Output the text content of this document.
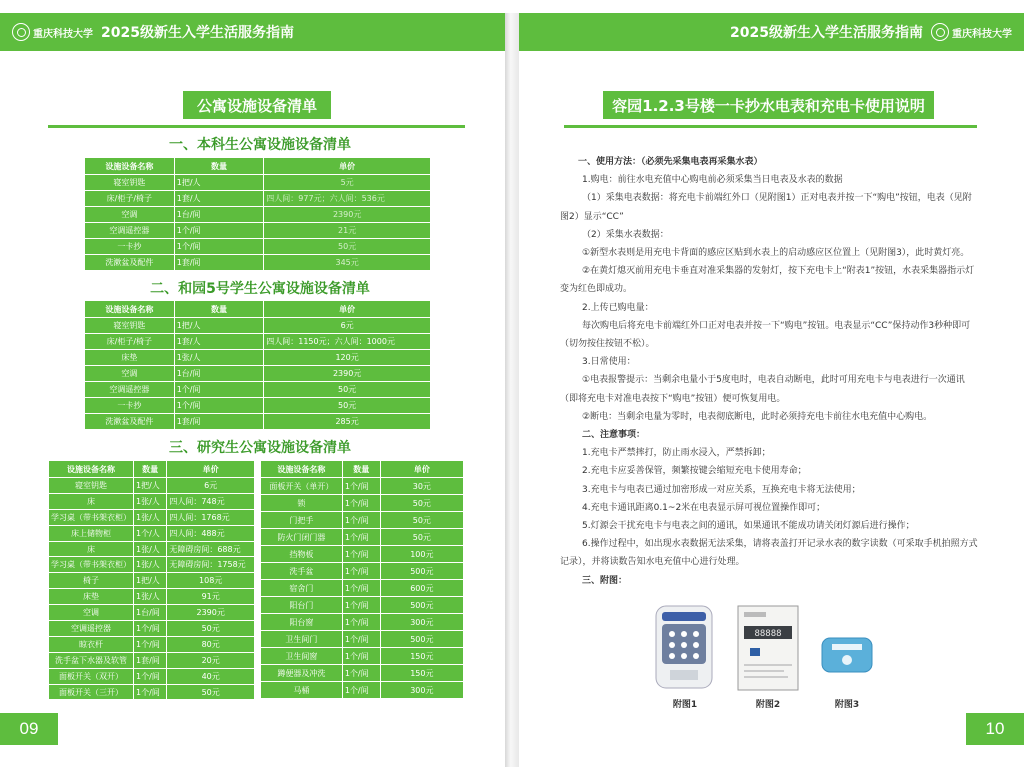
重庆科技大学 2025级新生入学生活服务指南	2025级新生入学生活服务指南	重庆科技大学
公寓设施设备清单
一、本科生公寓设施设备清单
设施设备名称	数量	单价
寝室钥匙	1把/人	5元
床/柜子/椅子	1套/人	四人间：977元；六人间：536元
空调	1台/间	2390元
空调遥控器	1个/间	21元
一卡抄	1个/间	50元
洗漱盆及配件	1套/间	345元
二、和园5号学生公寓设施设备清单
设施设备名称	数量	单价
寝室钥匙	1把/人	6元
床/柜子/椅子	1套/人	四人间：1150元；六人间：1000元
床垫	1张/人	120元
空调	1台/间	2390元
空调遥控器	1个/间	50元
一卡抄	1个/间	50元
洗漱盆及配件	1套/间	285元
三、研究生公寓设施设备清单
设施设备名称	数量	单价
寝室钥匙	1把/人	6元
床	1张/人	四人间：748元
学习桌（带书架衣柜）	1张/人	四人间：1768元
床上储物柜	1个/人	四人间：488元
床	1张/人	无障碍房间：688元
学习桌（带书架衣柜）	1张/人	无障碍房间：1758元
椅子	1把/人	108元
床垫	1张/人	91元
空调	1台/间	2390元
空调遥控器	1个/间	50元
晾衣杆	1个/间	80元
洗手盆下水器及软管	1套/间	20元
面板开关（双开）	1个/间	40元
面板开关（三开）	1个/间	50元
设施设备名称	数量	单价
面板开关（单开）	1个/间	30元
锁	1个/间	50元
门把手	1个/间	50元
防火门闭门器	1个/间	50元
挡物板	1个/间	100元
洗手盆	1个/间	500元
宿舍门	1个/间	600元
阳台门	1个/间	500元
阳台窗	1个/间	300元
卫生间门	1个/间	500元
卫生间窗	1个/间	150元
蹲便器及冲洗	1个/间	150元
马桶	1个/间	300元
09
容园1.2.3号楼一卡抄水电表和充电卡使用说明

一、使用方法：（必须先采集电表再采集水表）

1.购电：前往水电充值中心购电前必须采集当日电表及水表的数据

（1）采集电表数据：将充电卡前端红外口（见附图1）正对电表并按一下“购电”按钮，电表（见附图2）显示“CC”

（2）采集水表数据：

①新型水表则是用充电卡背面的感应区贴到水表上的启动感应区位置上（见附图3），此时黄灯亮。

②在黄灯熄灭前用充电卡垂直对准采集器的发射灯，按下充电卡上“附表1”按钮，水表采集器指示灯变为红色即成功。

2.上传已购电量：

每次购电后将充电卡前端红外口正对电表并按一下“购电”按钮。电表显示“CC”保持动作3秒种即可（切勿按住按钮不松）。

3.日常使用：

①电表报警提示：当剩余电量小于5度电时，电表自动断电，此时可用充电卡与电表进行一次通讯（即将充电卡对准电表按下“购电”按钮）便可恢复用电。

②断电：当剩余电量为零时，电表彻底断电，此时必须持充电卡前往水电充值中心购电。

二、注意事项：

1.充电卡严禁摔打，防止雨水浸入，严禁拆卸；

2.充电卡应妥善保管，频繁按键会缩短充电卡使用寿命；

3.充电卡与电表已通过加密形成一对应关系，互换充电卡将无法使用；

4.充电卡通讯距离0.1~2米在电表显示屏可视位置操作即可；

5.灯源会干扰充电卡与电表之间的通讯，如果通讯不能成功请关闭灯源后进行操作；

6.操作过程中，如出现水表数据无法采集，请将表盖打开记录水表的数字读数（可采取手机拍照方式记录），并将读数告知水电充值中心进行处理。

三、附图：

附图1
88888
附图2	附图3
10
